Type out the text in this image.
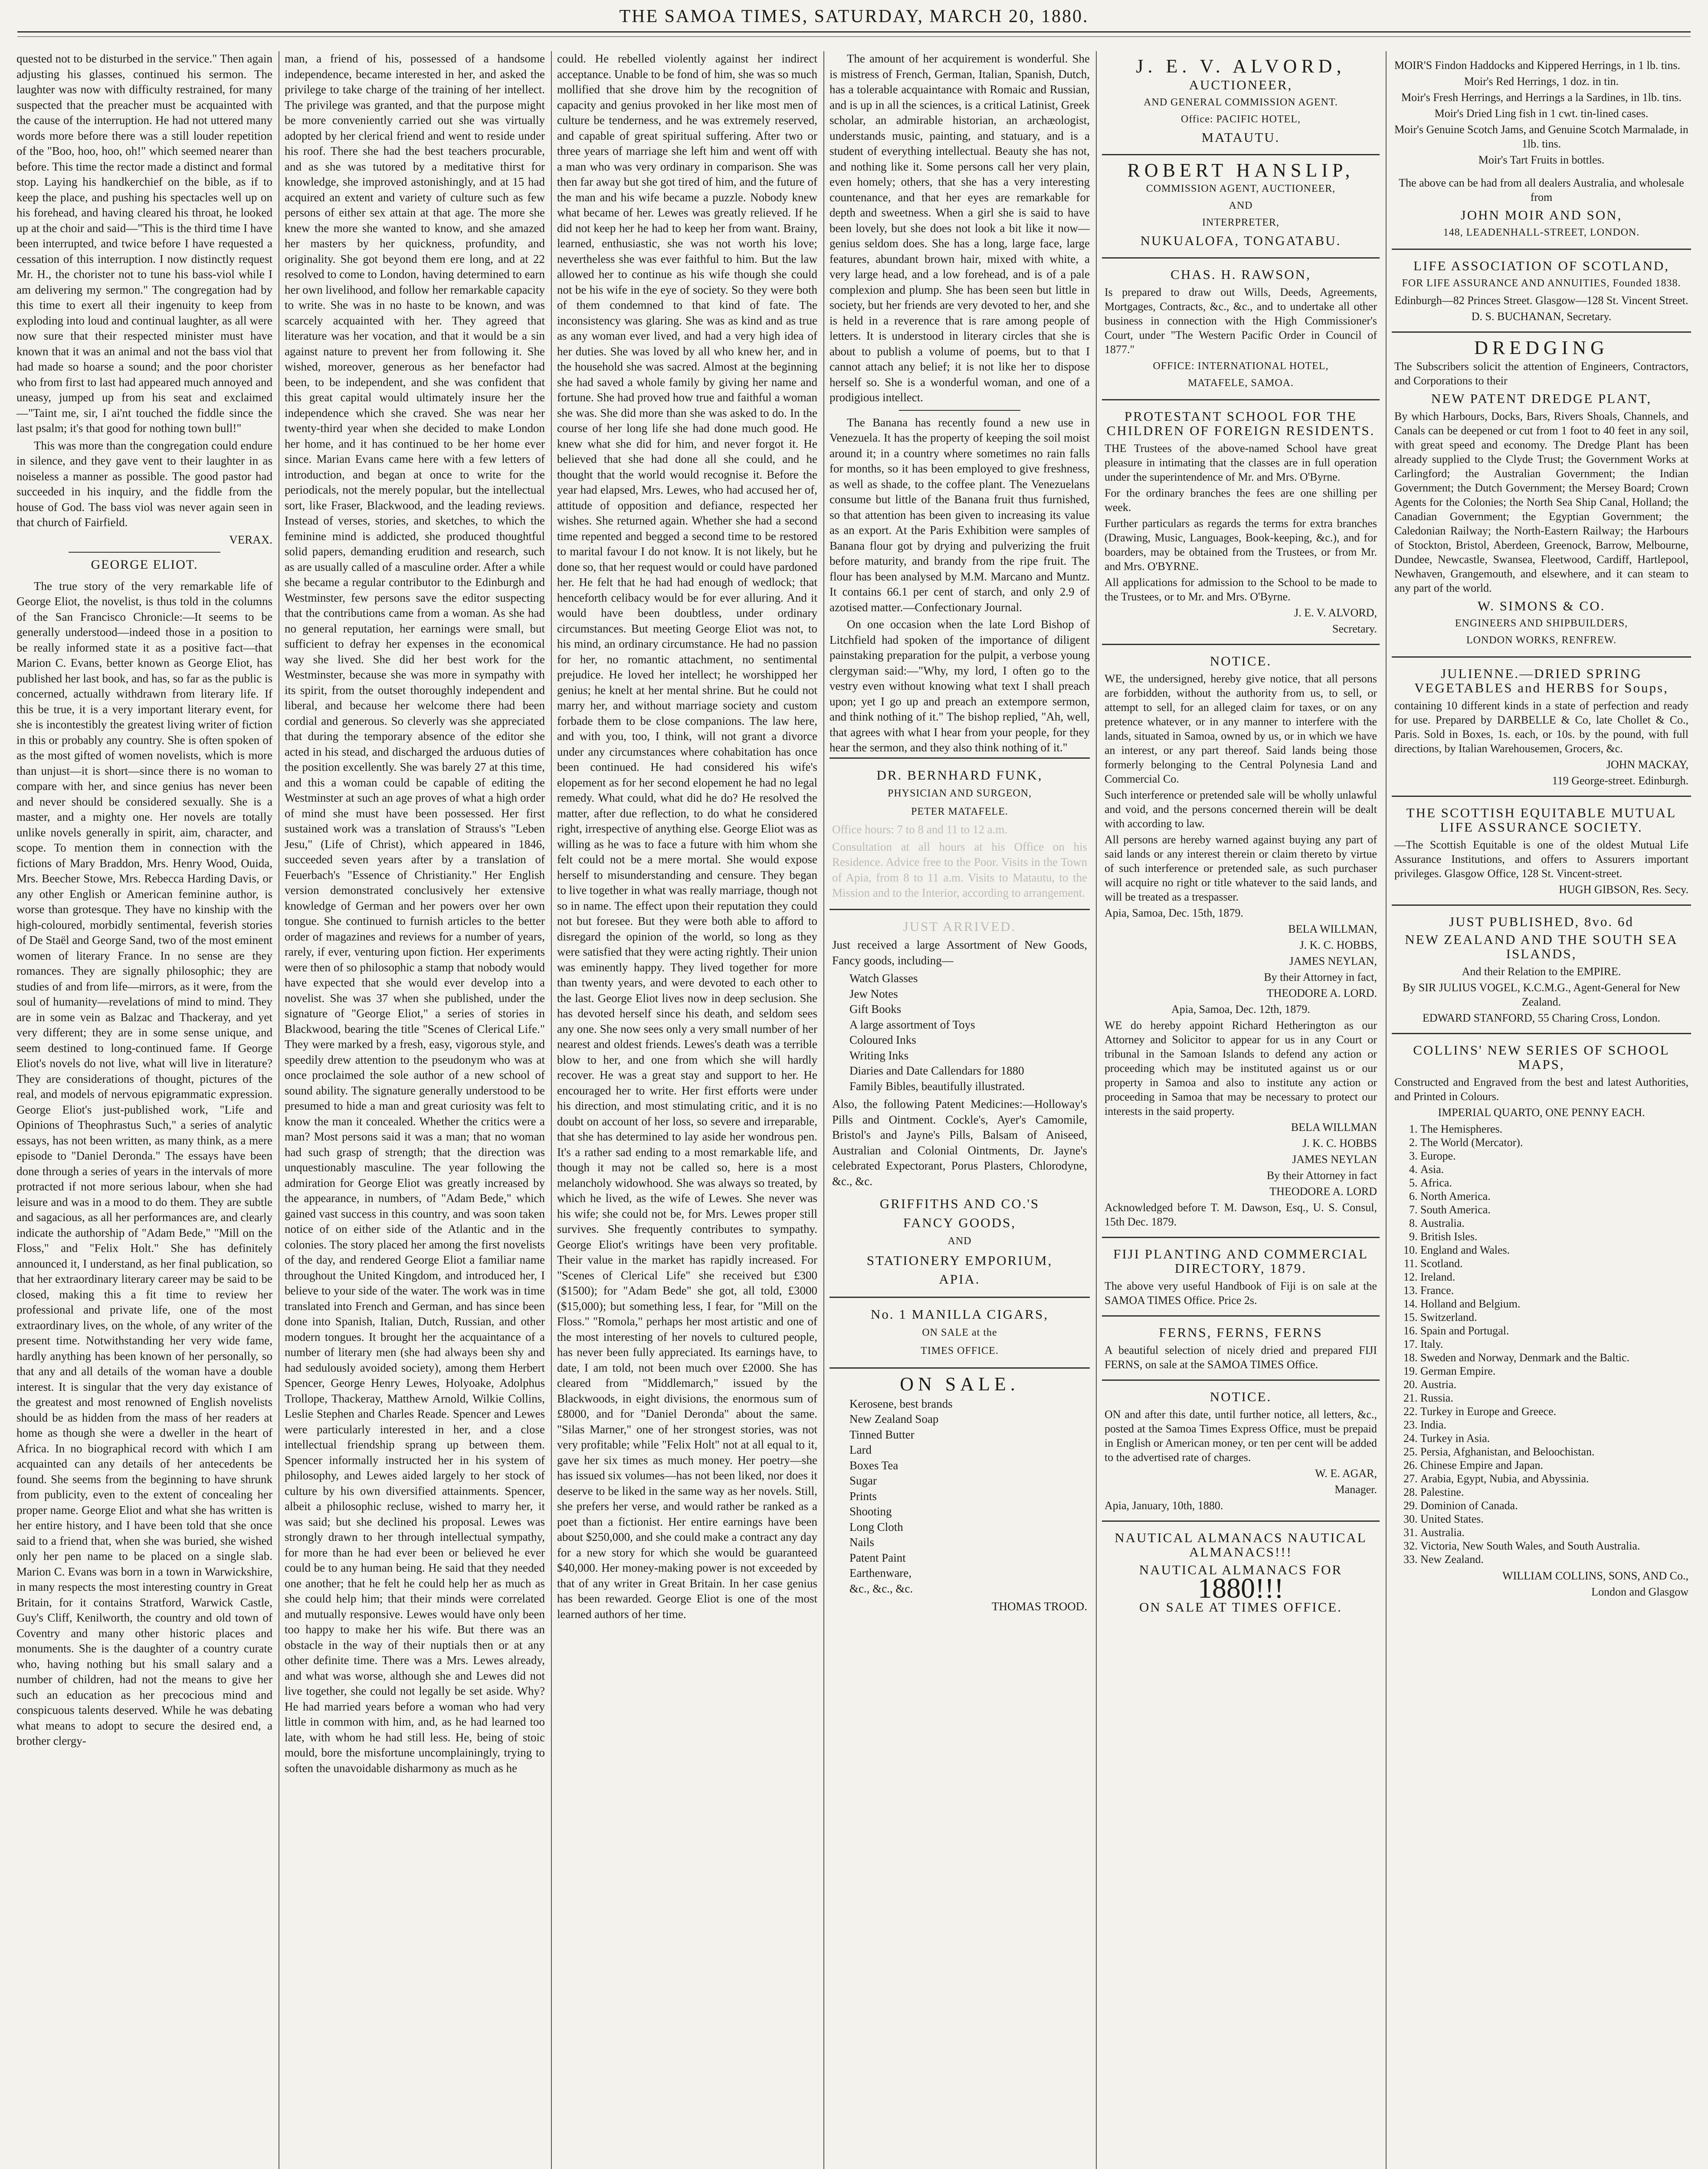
THE SAMOA TIMES, SATURDAY, MARCH 20, 1880.

quested not to be disturbed in the service." Then again adjusting his glasses, continued his sermon. The laughter was now with difficulty restrained, for many suspected that the preacher must be acquainted with the cause of the interruption. He had not uttered many words more before there was a still louder repetition of the "Boo, hoo, hoo, oh!" which seemed nearer than before. This time the rector made a distinct and formal stop. Laying his handkerchief on the bible, as if to keep the place, and pushing his spectacles well up on his forehead, and having cleared his throat, he looked up at the choir and said—"This is the third time I have been interrupted, and twice before I have requested a cessation of this interruption. I now distinctly request Mr. H., the chorister not to tune his bass-viol while I am delivering my sermon." The congregation had by this time to exert all their ingenuity to keep from exploding into loud and continual laughter, as all were now sure that their respected minister must have known that it was an animal and not the bass viol that had made so hoarse a sound; and the poor chorister who from first to last had appeared much annoyed and uneasy, jumped up from his seat and exclaimed—"Taint me, sir, I ai'nt touched the fiddle since the last psalm; it's that good for nothing town bull!"

This was more than the congregation could endure in silence, and they gave vent to their laughter in as noiseless a manner as possible. The good pastor had succeeded in his inquiry, and the fiddle from the house of God. The bass viol was never again seen in that church of Fairfield.

VERAX.

GEORGE ELIOT.

The true story of the very remarkable life of George Eliot, the novelist, is thus told in the columns of the San Francisco Chronicle:—It seems to be generally understood—indeed those in a position to be really informed state it as a positive fact—that Marion C. Evans, better known as George Eliot, has published her last book, and has, so far as the public is concerned, actually withdrawn from literary life. If this be true, it is a very important literary event, for she is incontestibly the greatest living writer of fiction in this or probably any country. She is often spoken of as the most gifted of women novelists, which is more than unjust—it is short—since there is no woman to compare with her, and since genius has never been and never should be considered sexually. She is a master, and a mighty one. Her novels are totally unlike novels generally in spirit, aim, character, and scope. To mention them in connection with the fictions of Mary Braddon, Mrs. Henry Wood, Ouida, Mrs. Beecher Stowe, Mrs. Rebecca Harding Davis, or any other English or American feminine author, is worse than grotesque. They have no kinship with the high-coloured, morbidly sentimental, feverish stories of De Staël and George Sand, two of the most eminent women of literary France. In no sense are they romances. They are signally philosophic; they are studies of and from life—mirrors, as it were, from the soul of humanity—revelations of mind to mind. They are in some vein as Balzac and Thackeray, and yet very different; they are in some sense unique, and seem destined to long-continued fame. If George Eliot's novels do not live, what will live in literature? They are considerations of thought, pictures of the real, and models of nervous epigrammatic expression. George Eliot's just-published work, "Life and Opinions of Theophrastus Such," a series of analytic essays, has not been written, as many think, as a mere episode to "Daniel Deronda." The essays have been done through a series of years in the intervals of more protracted if not more serious labour, when she had leisure and was in a mood to do them. They are subtle and sagacious, as all her performances are, and clearly indicate the authorship of "Adam Bede," "Mill on the Floss," and "Felix Holt." She has definitely announced it, I understand, as her final publication, so that her extraordinary literary career may be said to be closed, making this a fit time to review her professional and private life, one of the most extraordinary lives, on the whole, of any writer of the present time. Notwithstanding her very wide fame, hardly anything has been known of her personally, so that any and all details of the woman have a double interest. It is singular that the very day existance of the greatest and most renowned of English novelists should be as hidden from the mass of her readers at home as though she were a dweller in the heart of Africa. In no biographical record with which I am acquainted can any details of her antecedents be found. She seems from the beginning to have shrunk from publicity, even to the extent of concealing her proper name. George Eliot and what she has written is her entire history, and I have been told that she once said to a friend that, when she was buried, she wished only her pen name to be placed on a single slab. Marion C. Evans was born in a town in Warwickshire, in many respects the most interesting country in Great Britain, for it contains Stratford, Warwick Castle, Guy's Cliff, Kenilworth, the country and old town of Coventry and many other historic places and monuments. She is the daughter of a country curate who, having nothing but his small salary and a number of children, had not the means to give her such an education as her precocious mind and conspicuous talents deserved. While he was debating what means to adopt to secure the desired end, a brother clergy-

man, a friend of his, possessed of a handsome independence, became interested in her, and asked the privilege to take charge of the training of her intellect. The privilege was granted, and that the purpose might be more conveniently carried out she was virtually adopted by her clerical friend and went to reside under his roof. There she had the best teachers procurable, and as she was tutored by a meditative thirst for knowledge, she improved astonishingly, and at 15 had acquired an extent and variety of culture such as few persons of either sex attain at that age. The more she knew the more she wanted to know, and she amazed her masters by her quickness, profundity, and originality. She got beyond them ere long, and at 22 resolved to come to London, having determined to earn her own livelihood, and follow her remarkable capacity to write. She was in no haste to be known, and was scarcely acquainted with her. They agreed that literature was her vocation, and that it would be a sin against nature to prevent her from following it. She wished, moreover, generous as her benefactor had been, to be independent, and she was confident that this great capital would ultimately insure her the independence which she craved. She was near her twenty-third year when she decided to make London her home, and it has continued to be her home ever since. Marian Evans came here with a few letters of introduction, and began at once to write for the periodicals, not the merely popular, but the intellectual sort, like Fraser, Blackwood, and the leading reviews. Instead of verses, stories, and sketches, to which the feminine mind is addicted, she produced thoughtful solid papers, demanding erudition and research, such as are usually called of a masculine order. After a while she became a regular contributor to the Edinburgh and Westminster, few persons save the editor suspecting that the contributions came from a woman. As she had no general reputation, her earnings were small, but sufficient to defray her expenses in the economical way she lived. She did her best work for the Westminster, because she was more in sympathy with its spirit, from the outset thoroughly independent and liberal, and because her welcome there had been cordial and generous. So cleverly was she appreciated that during the temporary absence of the editor she acted in his stead, and discharged the arduous duties of the position excellently. She was barely 27 at this time, and this a woman could be capable of editing the Westminster at such an age proves of what a high order of mind she must have been possessed. Her first sustained work was a translation of Strauss's "Leben Jesu," (Life of Christ), which appeared in 1846, succeeded seven years after by a translation of Feuerbach's "Essence of Christianity." Her English version demonstrated conclusively her extensive knowledge of German and her powers over her own tongue. She continued to furnish articles to the better order of magazines and reviews for a number of years, rarely, if ever, venturing upon fiction. Her experiments were then of so philosophic a stamp that nobody would have expected that she would ever develop into a novelist. She was 37 when she published, under the signature of "George Eliot," a series of stories in Blackwood, bearing the title "Scenes of Clerical Life." They were marked by a fresh, easy, vigorous style, and speedily drew attention to the pseudonym who was at once proclaimed the sole author of a new school of sound ability. The signature generally understood to be presumed to hide a man and great curiosity was felt to know the man it concealed. Whether the critics were a man? Most persons said it was a man; that no woman had such grasp of strength; that the direction was unquestionably masculine. The year following the admiration for George Eliot was greatly increased by the appearance, in numbers, of "Adam Bede," which gained vast success in this country, and was soon taken notice of on either side of the Atlantic and in the colonies. The story placed her among the first novelists of the day, and rendered George Eliot a familiar name throughout the United Kingdom, and introduced her, I believe to your side of the water. The work was in time translated into French and German, and has since been done into Spanish, Italian, Dutch, Russian, and other modern tongues. It brought her the acquaintance of a number of literary men (she had always been shy and had sedulously avoided society), among them Herbert Spencer, George Henry Lewes, Holyoake, Adolphus Trollope, Thackeray, Matthew Arnold, Wilkie Collins, Leslie Stephen and Charles Reade. Spencer and Lewes were particularly interested in her, and a close intellectual friendship sprang up between them. Spencer informally instructed her in his system of philosophy, and Lewes aided largely to her stock of culture by his own diversified attainments. Spencer, albeit a philosophic recluse, wished to marry her, it was said; but she declined his proposal. Lewes was strongly drawn to her through intellectual sympathy, for more than he had ever been or believed he ever could be to any human being. He said that they needed one another; that he felt he could help her as much as she could help him; that their minds were correlated and mutually responsive. Lewes would have only been too happy to make her his wife. But there was an obstacle in the way of their nuptials then or at any other definite time. There was a Mrs. Lewes already, and what was worse, although she and Lewes did not live together, she could not legally be set aside. Why? He had married years before a woman who had very little in common with him, and, as he had learned too late, with whom he had still less. He, being of stoic mould, bore the misfortune uncomplainingly, trying to soften the unavoidable disharmony as much as he

could. He rebelled violently against her indirect acceptance. Unable to be fond of him, she was so much mollified that she drove him by the recognition of capacity and genius provoked in her like most men of culture be tenderness, and he was extremely reserved, and capable of great spiritual suffering. After two or three years of marriage she left him and went off with a man who was very ordinary in comparison. She was then far away but she got tired of him, and the future of the man and his wife became a puzzle. Nobody knew what became of her. Lewes was greatly relieved. If he did not keep her he had to keep her from want. Brainy, learned, enthusiastic, she was not worth his love; nevertheless she was ever faithful to him. But the law allowed her to continue as his wife though she could not be his wife in the eye of society. So they were both of them condemned to that kind of fate. The inconsistency was glaring. She was as kind and as true as any woman ever lived, and had a very high idea of her duties. She was loved by all who knew her, and in the household she was sacred. Almost at the beginning she had saved a whole family by giving her name and fortune. She had proved how true and faithful a woman she was. She did more than she was asked to do. In the course of her long life she had done much good. He knew what she did for him, and never forgot it. He believed that she had done all she could, and he thought that the world would recognise it. Before the year had elapsed, Mrs. Lewes, who had accused her of, attitude of opposition and defiance, respected her wishes. She returned again. Whether she had a second time repented and begged a second time to be restored to marital favour I do not know. It is not likely, but he done so, that her request would or could have pardoned her. He felt that he had had enough of wedlock; that henceforth celibacy would be for ever alluring. And it would have been doubtless, under ordinary circumstances. But meeting George Eliot was not, to his mind, an ordinary circumstance. He had no passion for her, no romantic attachment, no sentimental prejudice. He loved her intellect; he worshipped her genius; he knelt at her mental shrine. But he could not marry her, and without marriage society and custom forbade them to be close companions. The law here, and with you, too, I think, will not grant a divorce under any circumstances where cohabitation has once been continued. He had considered his wife's elopement as for her second elopement he had no legal remedy. What could, what did he do? He resolved the matter, after due reflection, to do what he considered right, irrespective of anything else. George Eliot was as willing as he was to face a future with him whom she felt could not be a mere mortal. She would expose herself to misunderstanding and censure. They began to live together in what was really marriage, though not so in name. The effect upon their reputation they could not but foresee. But they were both able to afford to disregard the opinion of the world, so long as they were satisfied that they were acting rightly. Their union was eminently happy. They lived together for more than twenty years, and were devoted to each other to the last. George Eliot lives now in deep seclusion. She has devoted herself since his death, and seldom sees any one. She now sees only a very small number of her nearest and oldest friends. Lewes's death was a terrible blow to her, and one from which she will hardly recover. He was a great stay and support to her. He encouraged her to write. Her first efforts were under his direction, and most stimulating critic, and it is no doubt on account of her loss, so severe and irreparable, that she has determined to lay aside her wondrous pen. It's a rather sad ending to a most remarkable life, and though it may not be called so, here is a most melancholy widowhood. She was always so treated, by which he lived, as the wife of Lewes. She never was his wife; she could not be, for Mrs. Lewes proper still survives. She frequently contributes to sympathy. George Eliot's writings have been very profitable. Their value in the market has rapidly increased. For "Scenes of Clerical Life" she received but £300 ($1500); for "Adam Bede" she got, all told, £3000 ($15,000); but something less, I fear, for "Mill on the Floss." "Romola," perhaps her most artistic and one of the most interesting of her novels to cultured people, has never been fully appreciated. Its earnings have, to date, I am told, not been much over £2000. She has cleared from "Middlemarch," issued by the Blackwoods, in eight divisions, the enormous sum of £8000, and for "Daniel Deronda" about the same. "Silas Marner," one of her strongest stories, was not very profitable; while "Felix Holt" not at all equal to it, gave her six times as much money. Her poetry—she has issued six volumes—has not been liked, nor does it deserve to be liked in the same way as her novels. Still, she prefers her verse, and would rather be ranked as a poet than a fictionist. Her entire earnings have been about $250,000, and she could make a contract any day for a new story for which she would be guaranteed $40,000. Her money-making power is not exceeded by that of any writer in Great Britain. In her case genius has been rewarded. George Eliot is one of the most learned authors of her time.

The amount of her acquirement is wonderful. She is mistress of French, German, Italian, Spanish, Dutch, has a tolerable acquaintance with Romaic and Russian, and is up in all the sciences, is a critical Latinist, Greek scholar, an admirable historian, an archæologist, understands music, painting, and statuary, and is a student of everything intellectual. Beauty she has not, and nothing like it. Some persons call her very plain, even homely; others, that she has a very interesting countenance, and that her eyes are remarkable for depth and sweetness. When a girl she is said to have been lovely, but she does not look a bit like it now—genius seldom does. She has a long, large face, large features, abundant brown hair, mixed with white, a very large head, and a low forehead, and is of a pale complexion and plump. She has been seen but little in society, but her friends are very devoted to her, and she is held in a reverence that is rare among people of letters. It is understood in literary circles that she is about to publish a volume of poems, but to that I cannot attach any belief; it is not like her to dispose herself so. She is a wonderful woman, and one of a prodigious intellect.

The Banana has recently found a new use in Venezuela. It has the property of keeping the soil moist around it; in a country where sometimes no rain falls for months, so it has been employed to give freshness, as well as shade, to the coffee plant. The Venezuelans consume but little of the Banana fruit thus furnished, so that attention has been given to increasing its value as an export. At the Paris Exhibition were samples of Banana flour got by drying and pulverizing the fruit before maturity, and brandy from the ripe fruit. The flour has been analysed by M.M. Marcano and Muntz. It contains 66.1 per cent of starch, and only 2.9 of azotised matter.—Confectionary Journal.

On one occasion when the late Lord Bishop of Litchfield had spoken of the importance of diligent painstaking preparation for the pulpit, a verbose young clergyman said:—"Why, my lord, I often go to the vestry even without knowing what text I shall preach upon; yet I go up and preach an extempore sermon, and think nothing of it." The bishop replied, "Ah, well, that agrees with what I hear from your people, for they hear the sermon, and they also think nothing of it."

DR. BERNHARD FUNK,
PHYSICIAN AND SURGEON,
PETER MATAFELE.

Office hours: 7 to 8 and 11 to 12 a.m.

Consultation at all hours at his Office on his Residence. Advice free to the Poor. Visits in the Town of Apia, from 8 to 11 a.m. Visits to Matautu, to the Mission and to the Interior, according to arrangement.

JUST ARRIVED.

Just received a large Assortment of New Goods, Fancy goods, including—

Watch Glasses
Jew Notes
Gift Books
A large assortment of Toys
Coloured Inks
Writing Inks
Diaries and Date Callendars for 1880
Family Bibles, beautifully illustrated.

Also, the following Patent Medicines:—Holloway's Pills and Ointment. Cockle's, Ayer's Camomile, Bristol's and Jayne's Pills, Balsam of Aniseed, Australian and Colonial Ointments, Dr. Jayne's celebrated Expectorant, Porus Plasters, Chlorodyne, &c., &c.

GRIFFITHS AND CO.'S
FANCY GOODS,
AND
STATIONERY EMPORIUM,
APIA.
No. 1 MANILLA CIGARS,
ON SALE at the
TIMES OFFICE.
ON SALE.
Kerosene, best brands
New Zealand Soap
Tinned Butter
Lard
Boxes Tea
Sugar
Prints
Shooting
Long Cloth
Nails
Patent Paint
Earthenware,
&c., &c., &c.

THOMAS TROOD.

J. E. V. ALVORD,
AUCTIONEER,
AND GENERAL COMMISSION AGENT.
Office: PACIFIC HOTEL,
MATAUTU.
ROBERT HANSLIP,
COMMISSION AGENT, AUCTIONEER,
AND
INTERPRETER,
NUKUALOFA, TONGATABU.
CHAS. H. RAWSON,

Is prepared to draw out Wills, Deeds, Agreements, Mortgages, Contracts, &c., &c., and to undertake all other business in connection with the High Commissioner's Court, under "The Western Pacific Order in Council of 1877."

OFFICE: INTERNATIONAL HOTEL,
MATAFELE, SAMOA.
PROTESTANT SCHOOL FOR THE CHILDREN OF FOREIGN RESIDENTS.

THE Trustees of the above-named School have great pleasure in intimating that the classes are in full operation under the superintendence of Mr. and Mrs. O'Byrne.

For the ordinary branches the fees are one shilling per week.

Further particulars as regards the terms for extra branches (Drawing, Music, Languages, Book-keeping, &c.), and for boarders, may be obtained from the Trustees, or from Mr. and Mrs. O'BYRNE.

All applications for admission to the School to be made to the Trustees, or to Mr. and Mrs. O'Byrne.

J. E. V. ALVORD,

Secretary.

NOTICE.

WE, the undersigned, hereby give notice, that all persons are forbidden, without the authority from us, to sell, or attempt to sell, for an alleged claim for taxes, or on any pretence whatever, or in any manner to interfere with the lands, situated in Samoa, owned by us, or in which we have an interest, or any part thereof. Said lands being those formerly belonging to the Central Polynesia Land and Commercial Co.

Such interference or pretended sale will be wholly unlawful and void, and the persons concerned therein will be dealt with according to law.

All persons are hereby warned against buying any part of said lands or any interest therein or claim thereto by virtue of such interference or pretended sale, as such purchaser will acquire no right or title whatever to the said lands, and will be treated as a trespasser.

Apia, Samoa, Dec. 15th, 1879.

BELA WILLMAN,

J. K. C. HOBBS,

JAMES NEYLAN,

By their Attorney in fact,

THEODORE A. LORD.

Apia, Samoa, Dec. 12th, 1879.

WE do hereby appoint Richard Hetherington as our Attorney and Solicitor to appear for us in any Court or tribunal in the Samoan Islands to defend any action or proceeding which may be instituted against us or our property in Samoa and also to institute any action or proceeding in Samoa that may be necessary to protect our interests in the said property.

BELA WILLMAN

J. K. C. HOBBS

JAMES NEYLAN

By their Attorney in fact

THEODORE A. LORD

Acknowledged before T. M. Dawson, Esq., U. S. Consul, 15th Dec. 1879.

FIJI PLANTING AND COMMERCIAL DIRECTORY, 1879.

The above very useful Handbook of Fiji is on sale at the SAMOA TIMES Office. Price 2s.

FERNS, FERNS, FERNS

A beautiful selection of nicely dried and prepared FIJI FERNS, on sale at the SAMOA TIMES Office.

NOTICE.

ON and after this date, until further notice, all letters, &c., posted at the Samoa Times Express Office, must be prepaid in English or American money, or ten per cent will be added to the advertised rate of charges.

W. E. AGAR,

Manager.

Apia, January, 10th, 1880.

NAUTICAL ALMANACS NAUTICAL ALMANACS!!!
NAUTICAL ALMANACS FOR
1880!!!
ON SALE AT TIMES OFFICE.

MOIR'S Findon Haddocks and Kippered Herrings, in 1 lb. tins.

Moir's Red Herrings, 1 doz. in tin.

Moir's Fresh Herrings, and Herrings a la Sardines, in 1lb. tins.

Moir's Dried Ling fish in 1 cwt. tin-lined cases.

Moir's Genuine Scotch Jams, and Genuine Scotch Marmalade, in 1lb. tins.

Moir's Tart Fruits in bottles.

The above can be had from all dealers Australia, and wholesale from

JOHN MOIR AND SON,
148, LEADENHALL-STREET, LONDON.
LIFE ASSOCIATION OF SCOTLAND,
FOR LIFE ASSURANCE AND ANNUITIES, Founded 1838.

Edinburgh—82 Princes Street. Glasgow—128 St. Vincent Street.

D. S. BUCHANAN, Secretary.

DREDGING

The Subscribers solicit the attention of Engineers, Contractors, and Corporations to their

NEW PATENT DREDGE PLANT,

By which Harbours, Docks, Bars, Rivers Shoals, Channels, and Canals can be deepened or cut from 1 foot to 40 feet in any soil, with great speed and economy. The Dredge Plant has been already supplied to the Clyde Trust; the Government Works at Carlingford; the Australian Government; the Indian Government; the Dutch Government; the Mersey Board; Crown Agents for the Colonies; the North Sea Ship Canal, Holland; the Canadian Government; the Egyptian Government; the Caledonian Railway; the North-Eastern Railway; the Harbours of Stockton, Bristol, Aberdeen, Greenock, Barrow, Melbourne, Dundee, Newcastle, Swansea, Fleetwood, Cardiff, Hartlepool, Newhaven, Grangemouth, and elsewhere, and it can steam to any part of the world.

W. SIMONS & CO.
ENGINEERS AND SHIPBUILDERS,
LONDON WORKS, RENFREW.
JULIENNE.—DRIED SPRING VEGETABLES and HERBS for Soups,

containing 10 different kinds in a state of perfection and ready for use. Prepared by DARBELLE & Co, late Chollet & Co., Paris. Sold in Boxes, 1s. each, or 10s. by the pound, with full directions, by Italian Warehousemen, Grocers, &c.

JOHN MACKAY,

119 George-street. Edinburgh.

THE SCOTTISH EQUITABLE MUTUAL LIFE ASSURANCE SOCIETY.

—The Scottish Equitable is one of the oldest Mutual Life Assurance Institutions, and offers to Assurers important privileges. Glasgow Office, 128 St. Vincent-street.

HUGH GIBSON, Res. Secy.

JUST PUBLISHED, 8vo. 6d
NEW ZEALAND AND THE SOUTH SEA ISLANDS,

And their Relation to the EMPIRE.

By SIR JULIUS VOGEL, K.C.M.G., Agent-General for New Zealand.

EDWARD STANFORD, 55 Charing Cross, London.

COLLINS' NEW SERIES OF SCHOOL MAPS,

Constructed and Engraved from the best and latest Authorities, and Printed in Colours.

IMPERIAL QUARTO, ONE PENNY EACH.

1. The Hemispheres.
2. The World (Mercator).
3. Europe.
4. Asia.
5. Africa.
6. North America.
7. South America.
8. Australia.
9. British Isles.
10. England and Wales.
11. Scotland.
12. Ireland.
13. France.
14. Holland and Belgium.
15. Switzerland.
16. Spain and Portugal.
17. Italy.
18. Sweden and Norway, Denmark and the Baltic.
19. German Empire.
20. Austria.
21. Russia.
22. Turkey in Europe and Greece.
23. India.
24. Turkey in Asia.
25. Persia, Afghanistan, and Beloochistan.
26. Chinese Empire and Japan.
27. Arabia, Egypt, Nubia, and Abyssinia.
28. Palestine.
29. Dominion of Canada.
30. United States.
31. Australia.
32. Victoria, New South Wales, and South Australia.
33. New Zealand.

WILLIAM COLLINS, SONS, AND Co.,

London and Glasgow
